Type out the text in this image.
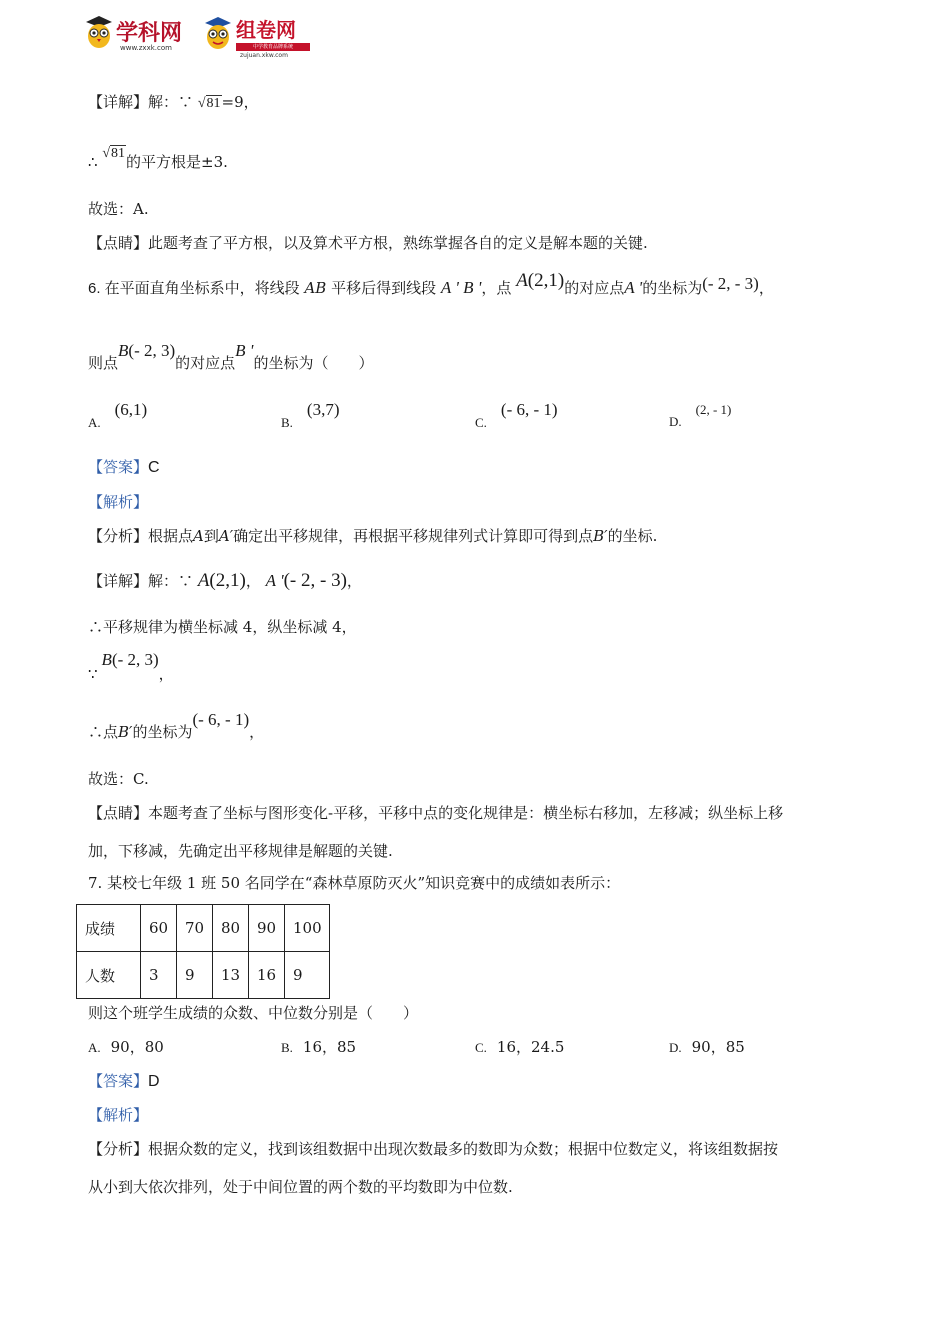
学科网
www.zxxk.com
组卷网
中学教育品牌系统
zujuan.xkw.com
【详解】解：∵ √81=9，
∴ √81的平方根是±3.
故选：A.
【点睛】此题考查了平方根，以及算术平方根，熟练掌握各自的定义是解本题的关键.
6. 在平面直角坐标系中，将线段 AB 平移后得到线段 A ' B '，点 A(2,1)的对应点A '的坐标为(- 2, - 3)，
则点B(- 2, 3)的对应点B '的坐标为（　　）
A.(6,1)
B.(3,7)
C.(- 6, - 1)
D.(2, - 1)
【答案】C
【解析】
【分析】根据点A到A′确定出平移规律，再根据平移规律列式计算即可得到点B′的坐标.
【详解】解：∵ A(2,1)， A '(- 2, - 3)，
∴平移规律为横坐标减 4，纵坐标减 4，
∵B(- 2, 3)，
∴点B′的坐标为(- 6, - 1)，
故选：C.
【点睛】本题考查了坐标与图形变化-平移，平移中点的变化规律是：横坐标右移加，左移减；纵坐标上移
加，下移减，先确定出平移规律是解题的关键.
7. 某校七年级 1 班 50 名同学在“森林草原防灭火”知识竞赛中的成绩如表所示：
成绩	60	70	80	90	100
人数	3	9	13	16	9
则这个班学生成绩的众数、中位数分别是（　　）
A. 90，80	B. 16，85	C. 16，24.5	D. 90，85
【答案】D
【解析】
【分析】根据众数的定义，找到该组数据中出现次数最多的数即为众数；根据中位数定义，将该组数据按
从小到大依次排列，处于中间位置的两个数的平均数即为中位数.
